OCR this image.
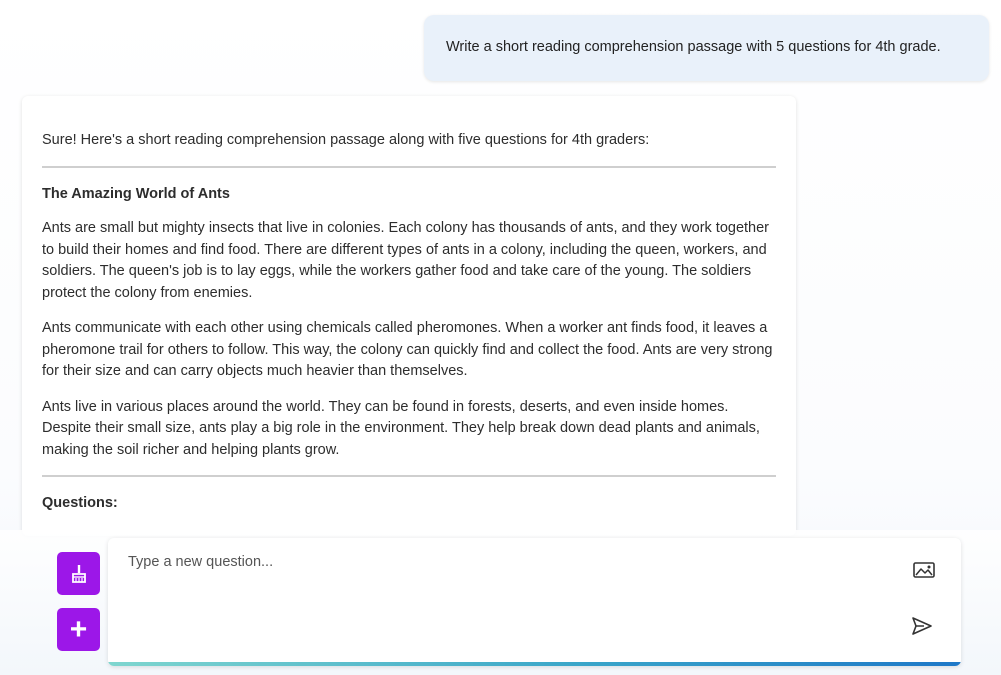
Write a short reading comprehension passage with 5 questions for 4th grade.

Sure! Here's a short reading comprehension passage along with five questions for 4th graders:

The Amazing World of Ants

Ants are small but mighty insects that live in colonies. Each colony has thousands of ants, and they work together to build their homes and find food. There are different types of ants in a colony, including the queen, workers, and soldiers. The queen's job is to lay eggs, while the workers gather food and take care of the young. The soldiers protect the colony from enemies.

Ants communicate with each other using chemicals called pheromones. When a worker ant finds food, it leaves a pheromone trail for others to follow. This way, the colony can quickly find and collect the food. Ants are very strong for their size and can carry objects much heavier than themselves.

Ants live in various places around the world. They can be found in forests, deserts, and even inside homes. Despite their small size, ants play a big role in the environment. They help break down dead plants and animals, making the soil richer and helping plants grow.

Questions:

+
Type a new question...
